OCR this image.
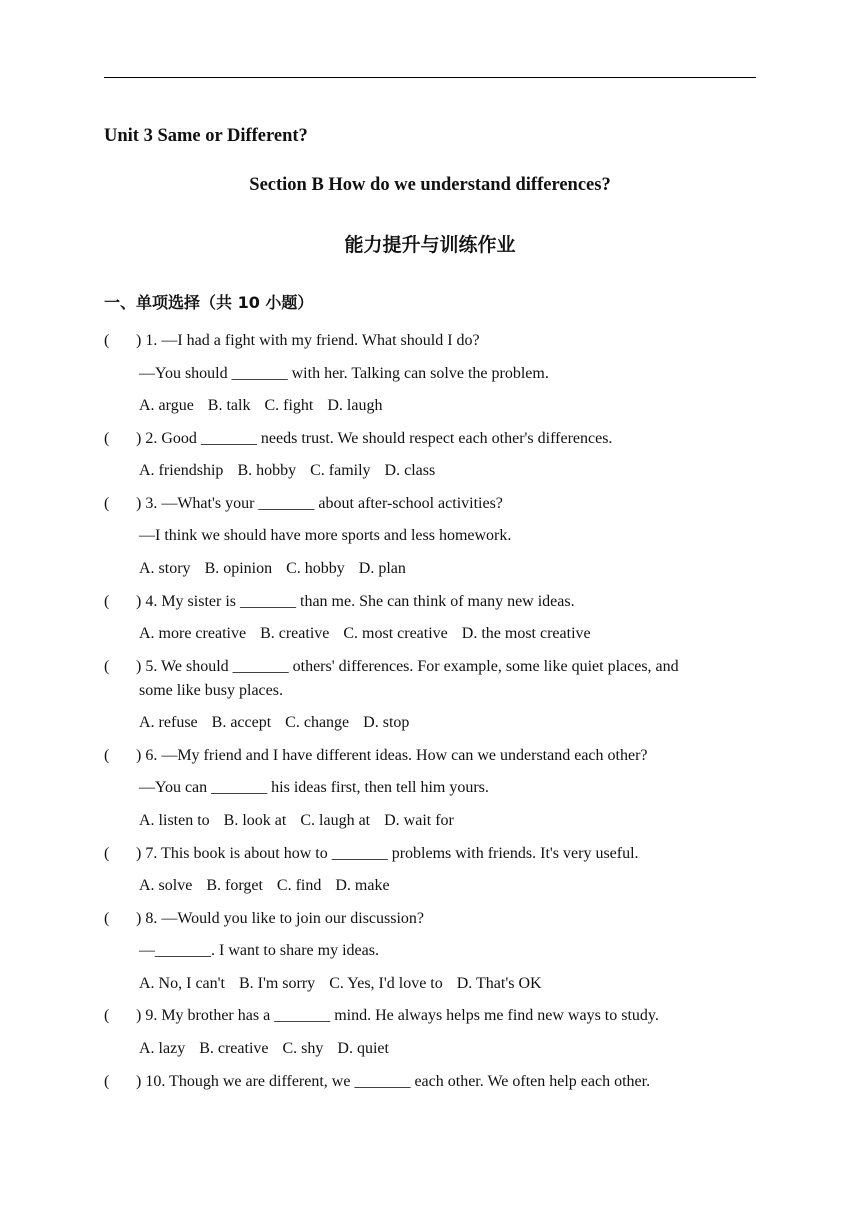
Unit 3 Same or Different?
Section B How do we understand differences?
能力提升与训练作业
一、单项选择（共 10 小题）
( ) 1. —I had a fight with my friend. What should I do?
—You should _______ with her. Talking can solve the problem.
A. argue B. talk C. fight D. laugh
( ) 2. Good _______ needs trust. We should respect each other's differences.
A. friendship B. hobby C. family D. class
( ) 3. —What's your _______ about after-school activities?
—I think we should have more sports and less homework.
A. story B. opinion C. hobby D. plan
( ) 4. My sister is _______ than me. She can think of many new ideas.
A. more creative B. creative C. most creative D. the most creative
( ) 5. We should _______ others' differences. For example, some like quiet places, and
some like busy places.
A. refuse B. accept C. change D. stop
( ) 6. —My friend and I have different ideas. How can we understand each other?
—You can _______ his ideas first, then tell him yours.
A. listen to B. look at C. laugh at D. wait for
( ) 7. This book is about how to _______ problems with friends. It's very useful.
A. solve B. forget C. find D. make
( ) 8. —Would you like to join our discussion?
—_______. I want to share my ideas.
A. No, I can't B. I'm sorry C. Yes, I'd love to D. That's OK
( ) 9. My brother has a _______ mind. He always helps me find new ways to study.
A. lazy B. creative C. shy D. quiet
( ) 10. Though we are different, we _______ each other. We often help each other.
